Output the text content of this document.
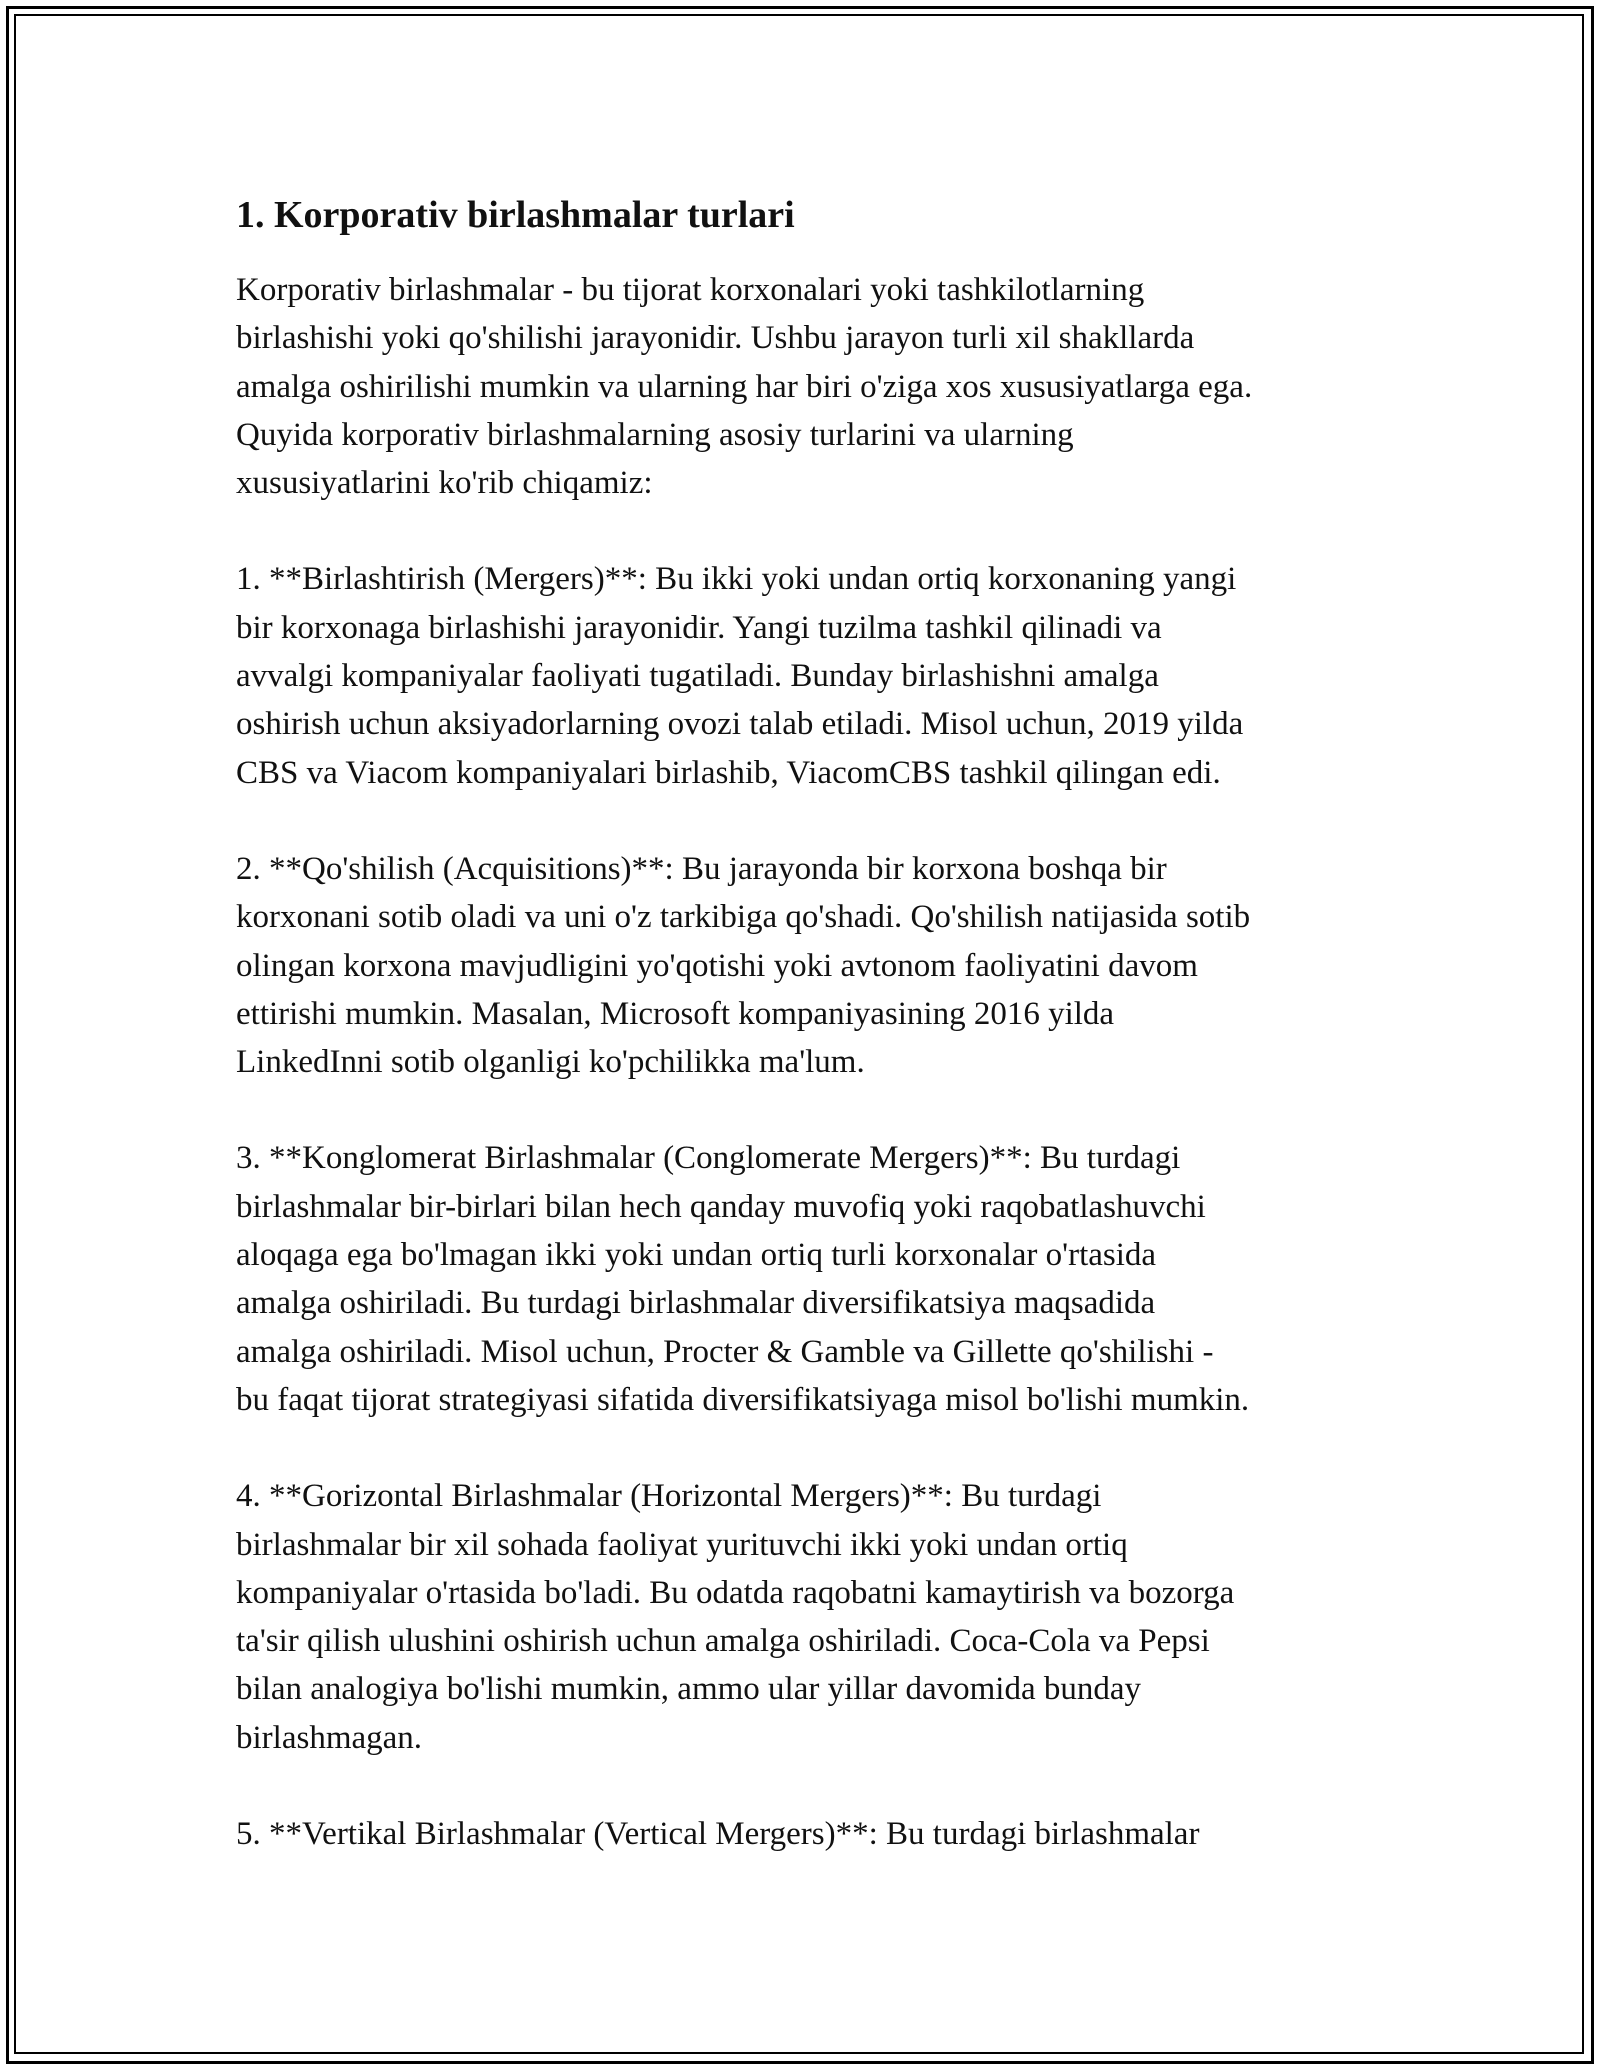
1. Korporativ birlashmalar turlari

Korporativ birlashmalar - bu tijorat korxonalari yoki tashkilotlarning
birlashishi yoki qo'shilishi jarayonidir. Ushbu jarayon turli xil shakllarda
amalga oshirilishi mumkin va ularning har biri o'ziga xos xususiyatlarga ega.
Quyida korporativ birlashmalarning asosiy turlarini va ularning
xususiyatlarini ko'rib chiqamiz:

1. **Birlashtirish (Mergers)**: Bu ikki yoki undan ortiq korxonaning yangi
bir korxonaga birlashishi jarayonidir. Yangi tuzilma tashkil qilinadi va
avvalgi kompaniyalar faoliyati tugatiladi. Bunday birlashishni amalga
oshirish uchun aksiyadorlarning ovozi talab etiladi. Misol uchun, 2019 yilda
CBS va Viacom kompaniyalari birlashib, ViacomCBS tashkil qilingan edi.

2. **Qo'shilish (Acquisitions)**: Bu jarayonda bir korxona boshqa bir
korxonani sotib oladi va uni o'z tarkibiga qo'shadi. Qo'shilish natijasida sotib
olingan korxona mavjudligini yo'qotishi yoki avtonom faoliyatini davom
ettirishi mumkin. Masalan, Microsoft kompaniyasining 2016 yilda
LinkedInni sotib olganligi ko'pchilikka ma'lum.

3. **Konglomerat Birlashmalar (Conglomerate Mergers)**: Bu turdagi
birlashmalar bir-birlari bilan hech qanday muvofiq yoki raqobatlashuvchi
aloqaga ega bo'lmagan ikki yoki undan ortiq turli korxonalar o'rtasida
amalga oshiriladi. Bu turdagi birlashmalar diversifikatsiya maqsadida
amalga oshiriladi. Misol uchun, Procter & Gamble va Gillette qo'shilishi -
bu faqat tijorat strategiyasi sifatida diversifikatsiyaga misol bo'lishi mumkin.

4. **Gorizontal Birlashmalar (Horizontal Mergers)**: Bu turdagi
birlashmalar bir xil sohada faoliyat yurituvchi ikki yoki undan ortiq
kompaniyalar o'rtasida bo'ladi. Bu odatda raqobatni kamaytirish va bozorga
ta'sir qilish ulushini oshirish uchun amalga oshiriladi. Coca-Cola va Pepsi
bilan analogiya bo'lishi mumkin, ammo ular yillar davomida bunday
birlashmagan.

5. **Vertikal Birlashmalar (Vertical Mergers)**: Bu turdagi birlashmalar
